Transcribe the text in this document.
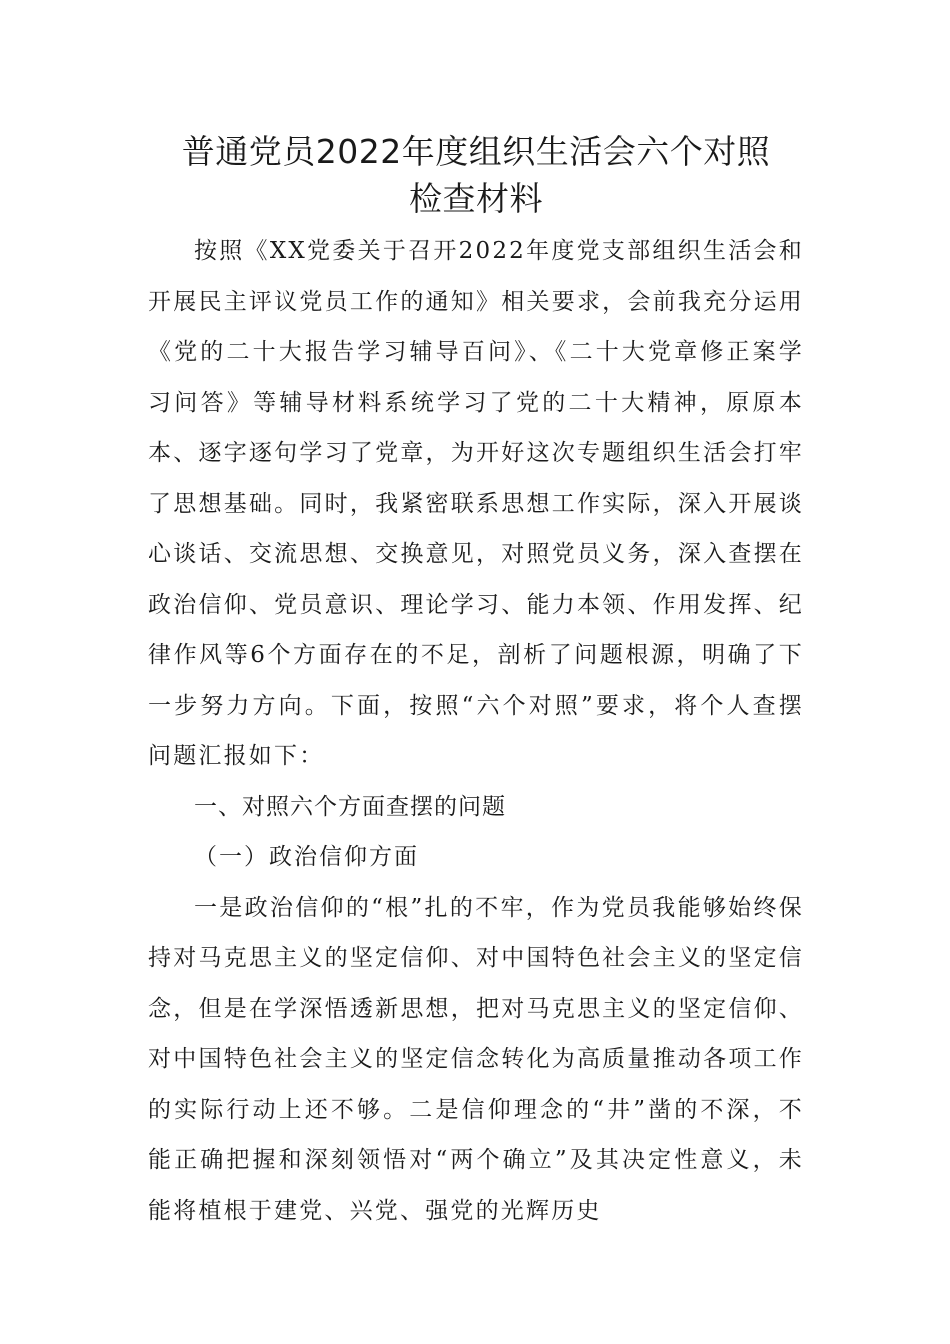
普通党员2022年度组织生活会六个对照
检查材料

按照《XX党委关于召开2022年度党支部组织生活会和开展民主评议党员工作的通知》相关要求，会前我充分运用《党的二十大报告学习辅导百问》、《二十大党章修正案学习问答》等辅导材料系统学习了党的二十大精神，原原本本、逐字逐句学习了党章，为开好这次专题组织生活会打牢了思想基础。同时，我紧密联系思想工作实际，深入开展谈心谈话、交流思想、交换意见，对照党员义务，深入查摆在政治信仰、党员意识、理论学习、能力本领、作用发挥、纪律作风等6个方面存在的不足，剖析了问题根源，明确了下一步努力方向。下面，按照“六个对照”要求，将个人查摆问题汇报如下：

一、对照六个方面查摆的问题

（一）政治信仰方面

一是政治信仰的“根”扎的不牢，作为党员我能够始终保持对马克思主义的坚定信仰、对中国特色社会主义的坚定信念，但是在学深悟透新思想，把对马克思主义的坚定信仰、对中国特色社会主义的坚定信念转化为高质量推动各项工作的实际行动上还不够。二是信仰理念的“井”凿的不深，不能正确把握和深刻领悟对“两个确立”及其决定性意义，未能将植根于建党、兴党、强党的光辉历史
